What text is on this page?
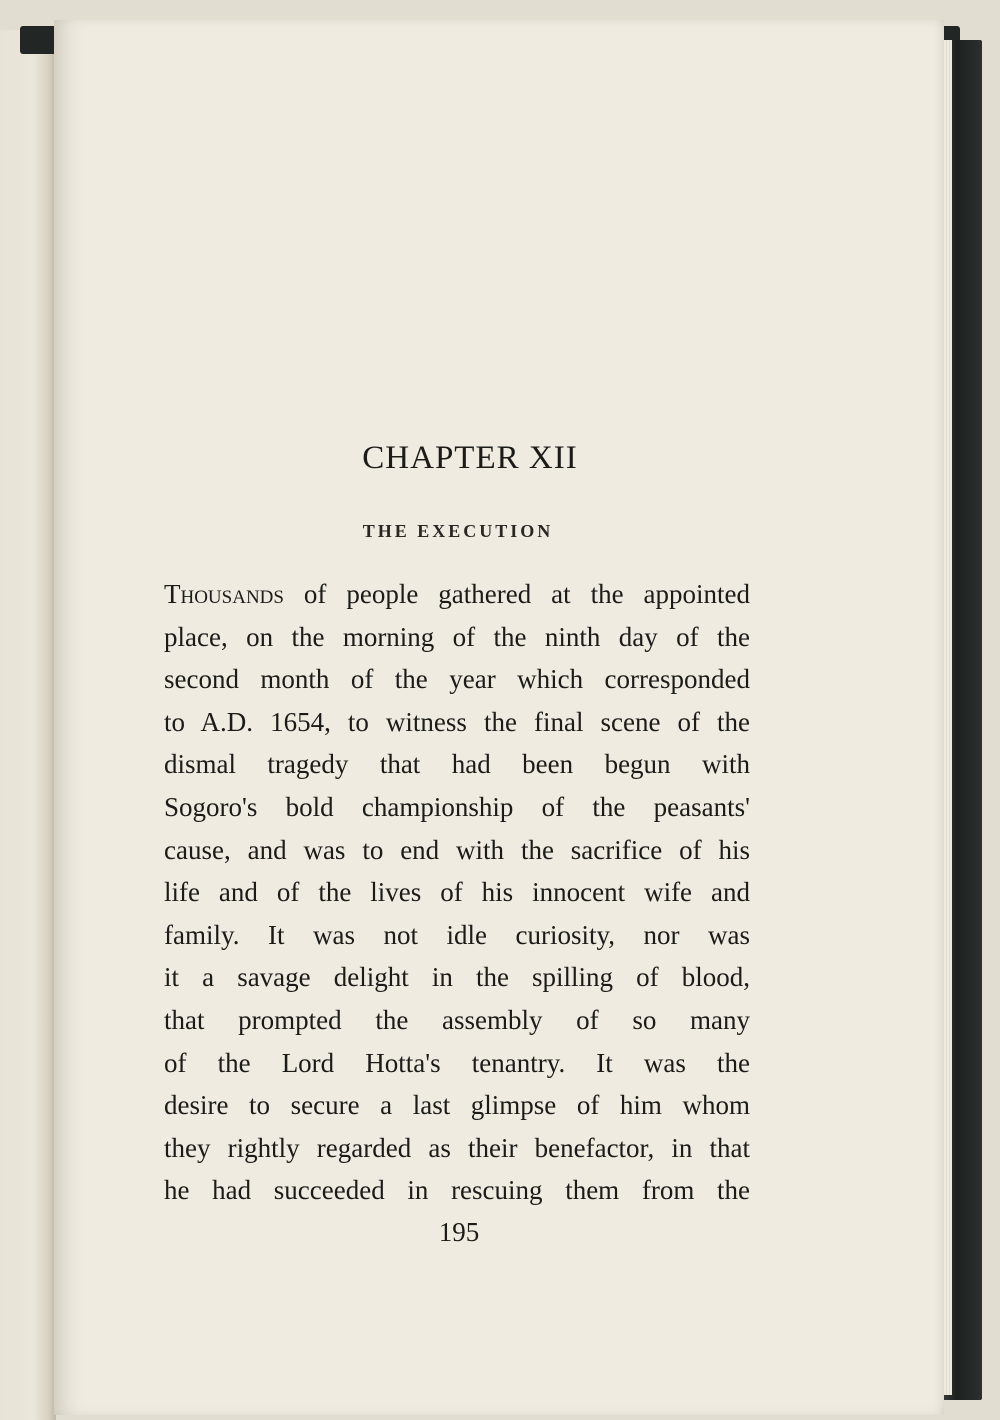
CHAPTER XII
THE EXECUTION
Thousands of people gathered at the appointed
place, on the morning of the ninth day of the
second month of the year which corresponded
to A.D. 1654, to witness the final scene of the
dismal tragedy that had been begun with
Sogoro's bold championship of the peasants'
cause, and was to end with the sacrifice of his
life and of the lives of his innocent wife and
family. It was not idle curiosity, nor was
it a savage delight in the spilling of blood,
that prompted the assembly of so many
of the Lord Hotta's tenantry. It was the
desire to secure a last glimpse of him whom
they rightly regarded as their benefactor, in that
he had succeeded in rescuing them from the
195
